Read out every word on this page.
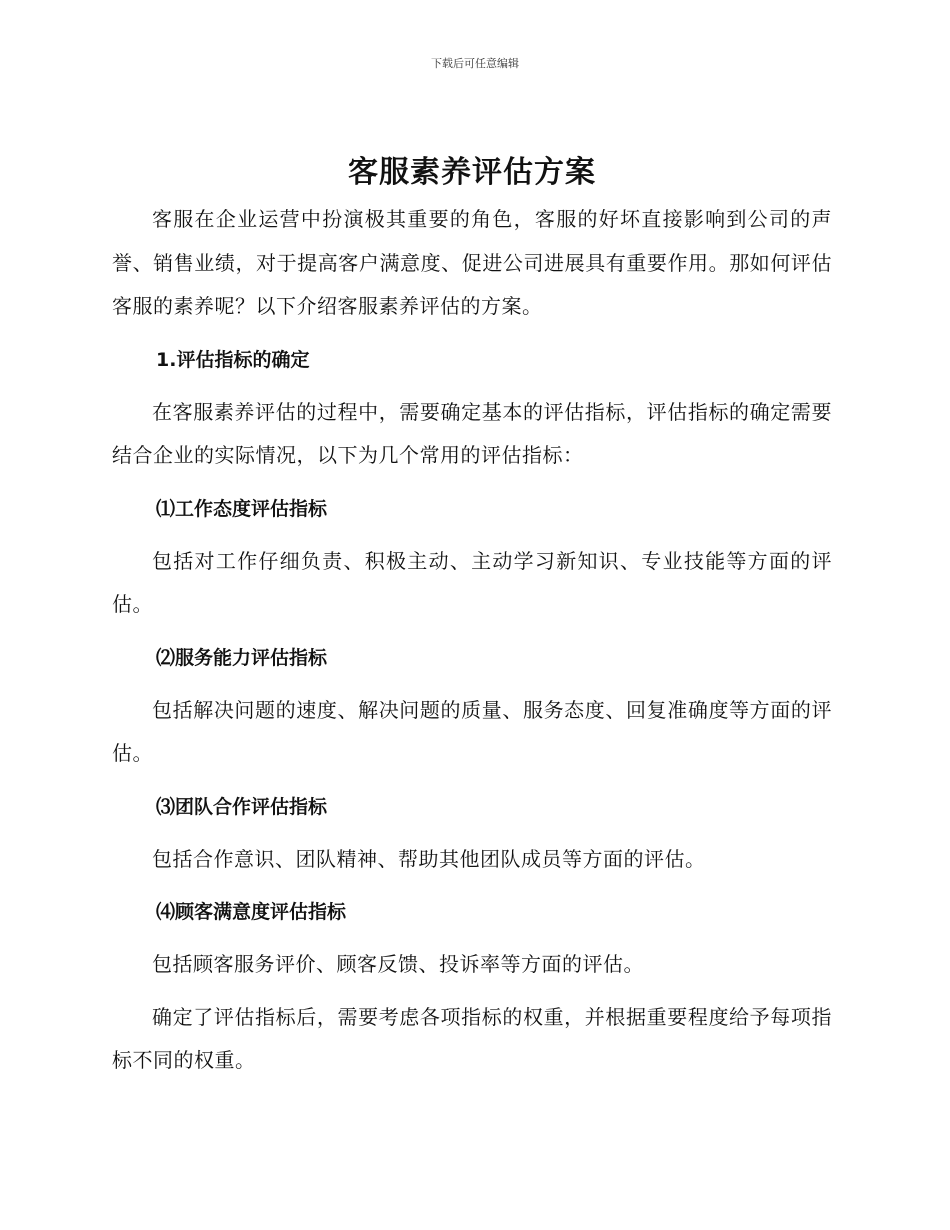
下载后可任意编辑
客服素养评估方案

客服在企业运营中扮演极其重要的角色，客服的好坏直接影响到公司的声誉、销售业绩，对于提高客户满意度、促进公司进展具有重要作用。那如何评估客服的素养呢？以下介绍客服素养评估的方案。

1.评估指标的确定

在客服素养评估的过程中，需要确定基本的评估指标，评估指标的确定需要结合企业的实际情况，以下为几个常用的评估指标：

⑴工作态度评估指标

包括对工作仔细负责、积极主动、主动学习新知识、专业技能等方面的评估。

⑵服务能力评估指标

包括解决问题的速度、解决问题的质量、服务态度、回复准确度等方面的评估。

⑶团队合作评估指标

包括合作意识、团队精神、帮助其他团队成员等方面的评估。

⑷顾客满意度评估指标

包括顾客服务评价、顾客反馈、投诉率等方面的评估。

确定了评估指标后，需要考虑各项指标的权重，并根据重要程度给予每项指标不同的权重。
